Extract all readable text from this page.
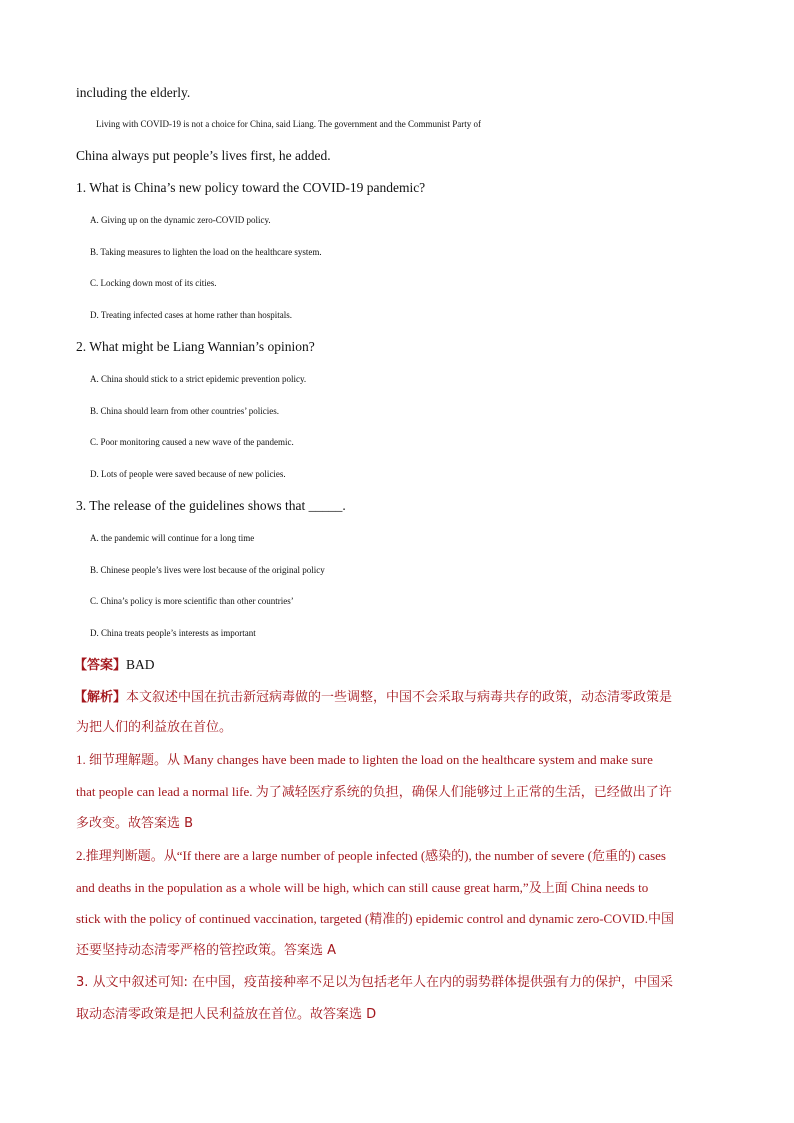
including the elderly.
Living with COVID-19 is not a choice for China, said Liang. The government and the Communist Party of
China always put people’s lives first, he added.
1. What is China’s new policy toward the COVID-19 pandemic?
A. Giving up on the dynamic zero-COVID policy.
B. Taking measures to lighten the load on the healthcare system.
C. Locking down most of its cities.
D. Treating infected cases at home rather than hospitals.
2. What might be Liang Wannian’s opinion?
A. China should stick to a strict epidemic prevention policy.
B. China should learn from other countries’ policies.
C. Poor monitoring caused a new wave of the pandemic.
D. Lots of people were saved because of new policies.
3. The release of the guidelines shows that _____.
A. the pandemic will continue for a long time
B. Chinese people’s lives were lost because of the original policy
C. China’s policy is more scientific than other countries’
D. China treats people’s interests as important
【答案】BAD
【解析】本文叙述中国在抗击新冠病毒做的一些调整，中国不会采取与病毒共存的政策，动态清零政策是
为把人们的利益放在首位。
1. 细节理解题。从 Many changes have been made to lighten the load on the healthcare system and make sure
that people can lead a normal life. 为了减轻医疗系统的负担，确保人们能够过上正常的生活，已经做出了许
多改变。故答案选 B
2.推理判断题。从“If there are a large number of people infected (感染的), the number of severe (危重的) cases
and deaths in the population as a whole will be high, which can still cause great harm,”及上面 China needs to
stick with the policy of continued vaccination, targeted (精准的) epidemic control and dynamic zero-COVID.中国
还要坚持动态清零严格的管控政策。答案选 A
3. 从文中叙述可知: 在中国，疫苗接种率不足以为包括老年人在内的弱势群体提供强有力的保护，中国采
取动态清零政策是把人民利益放在首位。故答案选 D
